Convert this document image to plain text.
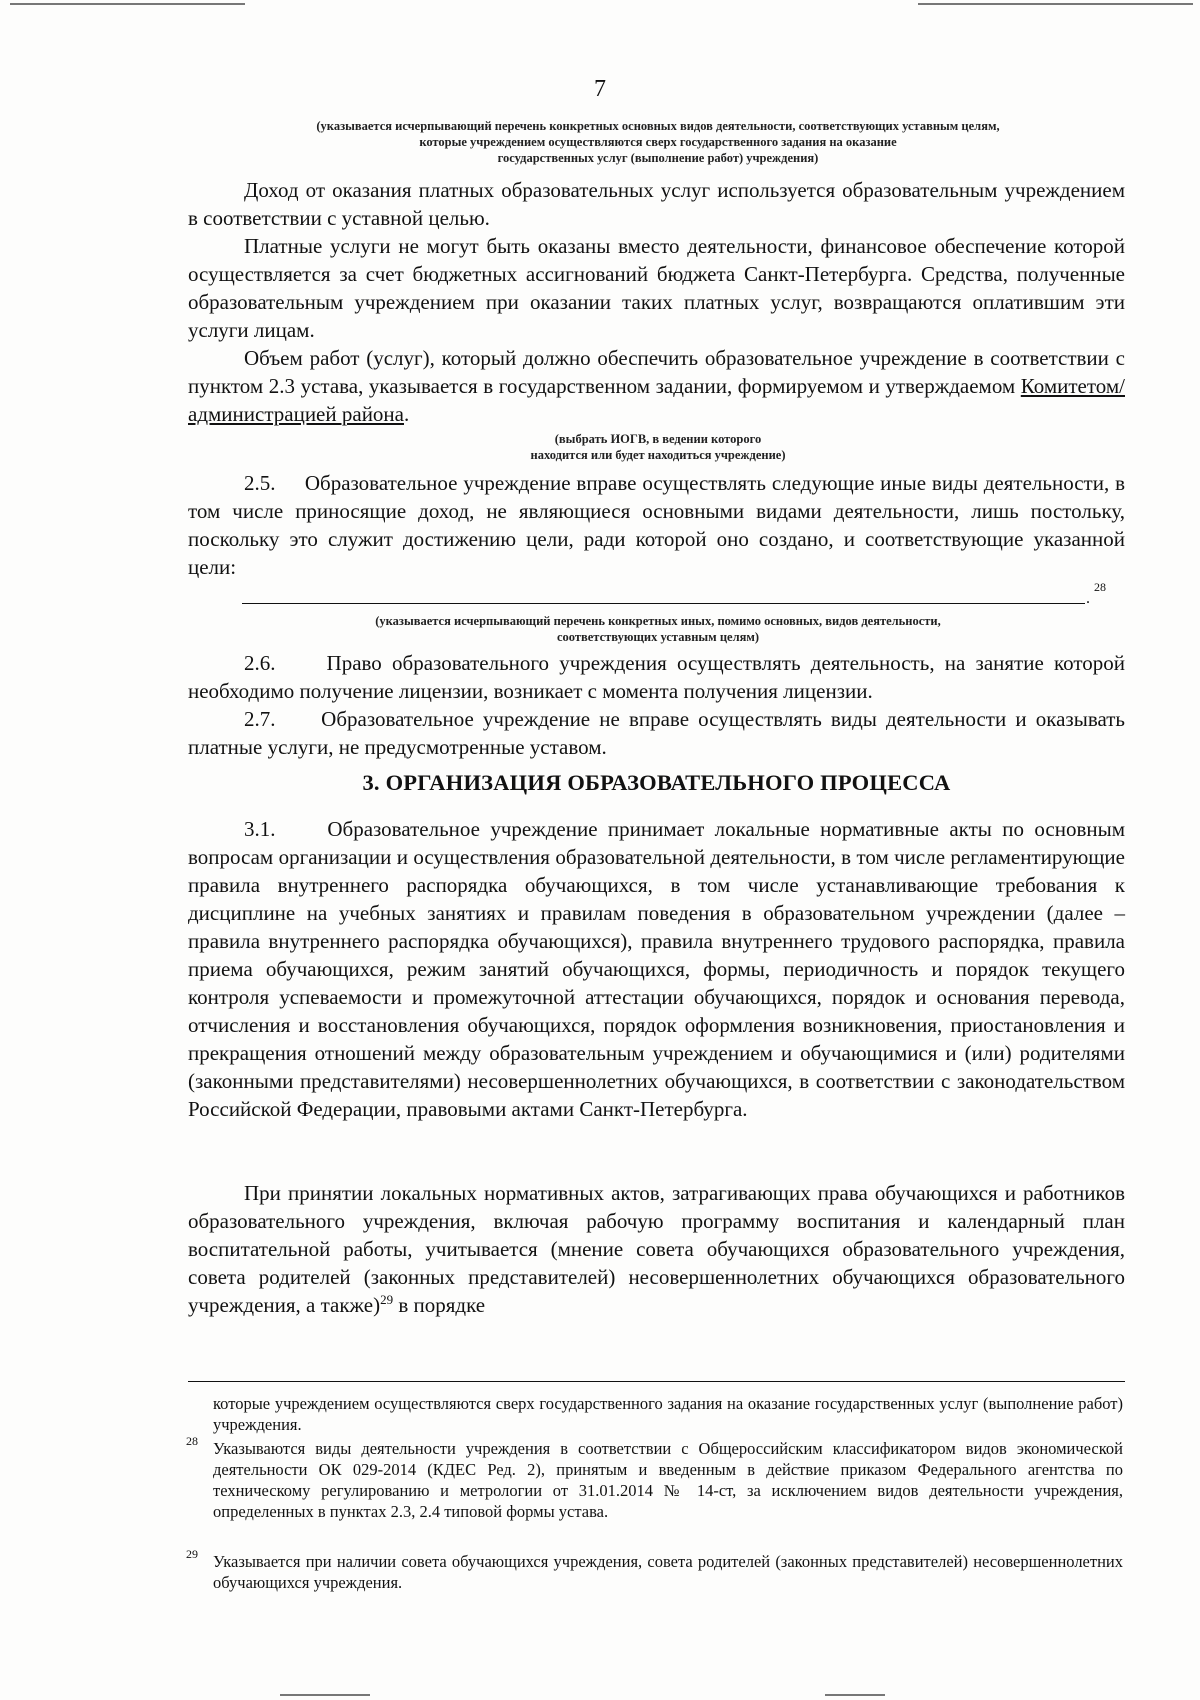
7
(указывается исчерпывающий перечень конкретных основных видов деятельности, соответствующих уставным целям,
которые учреждением осуществляются сверх государственного задания на оказание
государственных услуг (выполнение работ) учреждения)

Доход от оказания платных образовательных услуг используется образовательным учреждением в соответствии с уставной целью.

Платные услуги не могут быть оказаны вместо деятельности, финансовое обеспечение которой осуществляется за счет бюджетных ассигнований бюджета Санкт-Петербурга. Средства, полученные образовательным учреждением при оказании таких платных услуг, возвращаются оплатившим эти услуги лицам.

Объем работ (услуг), который должно обеспечить образовательное учреждение в соответствии с пунктом 2.3 устава, указывается в государственном задании, формируемом и утверждаемом Комитетом/администрацией района.

(выбрать ИОГВ, в ведении которого
находится или будет находиться учреждение)

2.5. Образовательное учреждение вправе осуществлять следующие иные виды деятельности, в том числе приносящие доход, не являющиеся основными видами деятельности, лишь постольку, поскольку это служит достижению цели, ради которой оно создано, и соответствующие указанной цели:

.
28
(указывается исчерпывающий перечень конкретных иных, помимо основных, видов деятельности,
соответствующих уставным целям)

2.6. Право образовательного учреждения осуществлять деятельность, на занятие которой необходимо получение лицензии, возникает с момента получения лицензии.

2.7. Образовательное учреждение не вправе осуществлять виды деятельности и оказывать платные услуги, не предусмотренные уставом.

3. ОРГАНИЗАЦИЯ ОБРАЗОВАТЕЛЬНОГО ПРОЦЕССА

3.1. Образовательное учреждение принимает локальные нормативные акты по основным вопросам организации и осуществления образовательной деятельности, в том числе регламентирующие правила внутреннего распорядка обучающихся, в том числе устанавливающие требования к дисциплине на учебных занятиях и правилам поведения в образовательном учреждении (далее – правила внутреннего распорядка обучающихся), правила внутреннего трудового распорядка, правила приема обучающихся, режим занятий обучающихся, формы, периодичность и порядок текущего контроля успеваемости и промежуточной аттестации обучающихся, порядок и основания перевода, отчисления и восстановления обучающихся, порядок оформления возникновения, приостановления и прекращения отношений между образовательным учреждением и обучающимися и (или) родителями (законными представителями) несовершеннолетних обучающихся, в соответствии с законодательством Российской Федерации, правовыми актами Санкт-Петербурга.

При принятии локальных нормативных актов, затрагивающих права обучающихся и работников образовательного учреждения, включая рабочую программу воспитания и календарный план воспитательной работы, учитывается (мнение совета обучающихся образовательного учреждения, совета родителей (законных представителей) несовершеннолетних обучающихся образовательного учреждения, а также)$^{29}$ в порядке

которые учреждением осуществляются сверх государственного задания на оказание государственных услуг (выполнение работ) учреждения.

28 Указываются виды деятельности учреждения в соответствии с Общероссийским классификатором видов экономической деятельности ОК 029-2014 (КДЕС Ред. 2), принятым и введенным в действие приказом Федерального агентства по техническому регулированию и метрологии от 31.01.2014 № 14-ст, за исключением видов деятельности учреждения, определенных в пунктах 2.3, 2.4 типовой формы устава.

29 Указывается при наличии совета обучающихся учреждения, совета родителей (законных представителей) несовершеннолетних обучающихся учреждения.
